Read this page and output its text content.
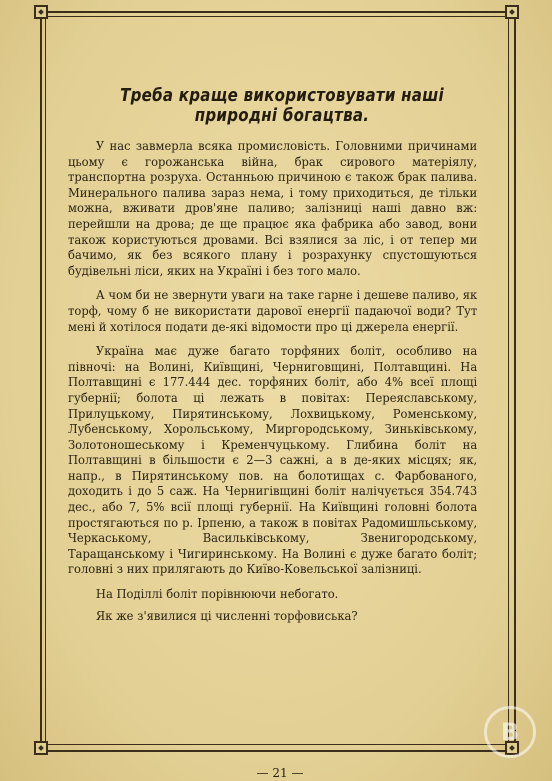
Треба краще використовувати наші природні богацтва.

У нас завмерла всяка промисловість. Головними причинами цьому є горожанська війна, брак сирового матеріялу, транспортна розруха. Останньою причиною є також брак палива. Минерального палива зараз нема, і тому приходиться, де тільки можна, вживати дров'яне паливо; залізниці наші давно вж: перейшли на дрова; де ще працює яка фабрика або завод, вони також користуються дровами. Всі взялися за ліс, і от тепер ми бачимо, як без всякого плану і розрахунку спустошуються будівельні ліси, яких на Україні і без того мало.

А чом би не звернути уваги на таке гарне і дешеве паливо, як торф, чому б не використати дарової енергії падаючої води? Тут мені й хотілося подати де-які відомости про ці джерела енергії.

Україна має дуже багато торфяних боліт, особливо на півночі: на Волині, Київщині, Черниговщині, Полтавщині. На Полтавщині є 177.444 дес. торфяних боліт, або 4% всеї площі губернії; болота ці лежать в повітах: Переяславському, Прилуцькому, Пирятинському, Лохвицькому, Роменському, Лубенському, Хорольському, Миргородському, Зиньківському, Золотоношеському і Кременчуцькому. Глибина боліт на Полтавщині в більшости є 2—3 сажні, а в де-яких місцях; як, напр., в Пирятинському пов. на болотищах с. Фарбованого, доходить і до 5 саж. На Чернигівщині боліт налічується 354.743 дес., або 7, 5% всії площі губернії. На Київщині головні болота простягаються по р. Ірпеню, а також в повітах Радомишльському, Черкаському, Васильківському, Звенигородському, Таращанському і Чигиринському. На Волині є дуже багато боліт; головні з них прилягають до Київо-Ковельської залізниці.

На Поділлі боліт порівнюючи небогато.

Як же з'явилися ці численні торфовиська?

— 21 —
В
